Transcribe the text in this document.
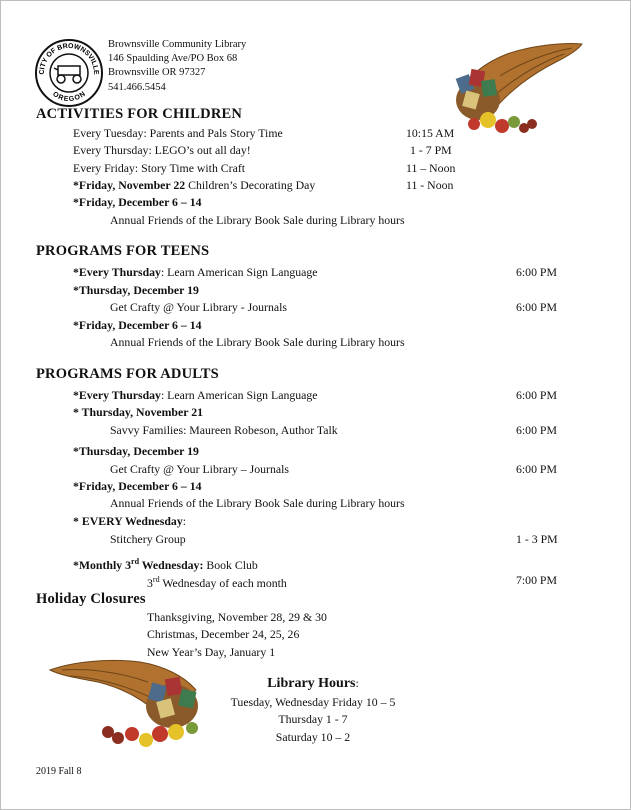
CITY OF BROWNSVILLE
OREGON
Brownsville Community Library
146 Spaulding Ave/PO Box 68
Brownsville OR 97327
541.466.5454
ACTIVITIES FOR CHILDREN
Every Tuesday: Parents and Pals Story Time	10:15 AM
Every Thursday: LEGO’s out all day!	1 - 7 PM
Every Friday: Story Time with Craft	11 – Noon
*Friday, November 22 Children’s Decorating Day	11 - Noon
*Friday, December 6 – 14
Annual Friends of the Library Book Sale during Library hours
PROGRAMS FOR TEENS
*Every Thursday: Learn American Sign Language	6:00 PM
*Thursday, December 19
Get Crafty @ Your Library - Journals	6:00 PM
*Friday, December 6 – 14
Annual Friends of the Library Book Sale during Library hours
PROGRAMS FOR ADULTS
*Every Thursday: Learn American Sign Language	6:00 PM
* Thursday, November 21
Savvy Families: Maureen Robeson, Author Talk	6:00 PM
*Thursday, December 19
Get Crafty @ Your Library – Journals	6:00 PM
*Friday, December 6 – 14
Annual Friends of the Library Book Sale during Library hours
* EVERY Wednesday:
Stitchery Group	1 - 3 PM
*Monthly 3rd Wednesday: Book Club
3rd Wednesday of each month	7:00 PM
Holiday Closures
Thanksgiving, November 28, 29 & 30
Christmas, December 24, 25, 26
New Year’s Day, January 1
Library Hours:
Tuesday, Wednesday Friday 10 – 5
Thursday 1 - 7
Saturday 10 – 2
2019 Fall 8
